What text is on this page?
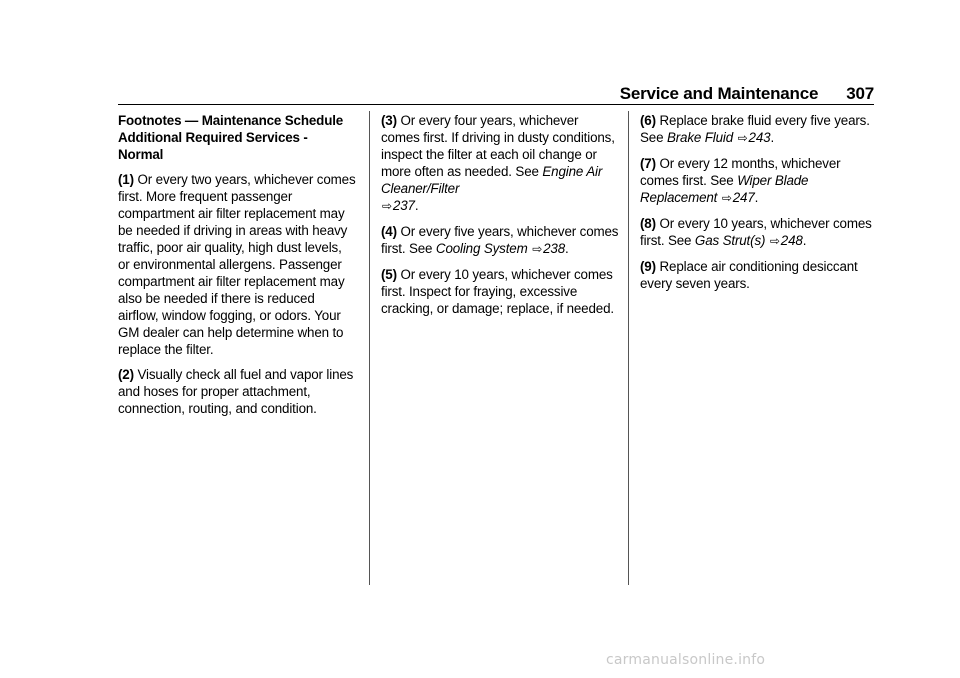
Service and Maintenance 307

Footnotes — Maintenance Schedule
Additional Required Services - Normal

(1) Or every two years, whichever comes first. More frequent passenger compartment air filter replacement may be needed if driving in areas with heavy traffic, poor air quality, high dust levels, or environmental allergens. Passenger compartment air filter replacement may also be needed if there is reduced airflow, window fogging, or odors. Your GM dealer can help determine when to replace the filter.

(2) Visually check all fuel and vapor lines and hoses for proper attachment, connection, routing, and condition.

(3) Or every four years, whichever comes first. If driving in dusty conditions, inspect the filter at each oil change or more often as needed. See Engine Air Cleaner/Filter
⇨237.

(4) Or every five years, whichever comes first. See Cooling System ⇨238.

(5) Or every 10 years, whichever comes first. Inspect for fraying, excessive cracking, or damage; replace, if needed.

(6) Replace brake fluid every five years. See Brake Fluid ⇨243.

(7) Or every 12 months, whichever comes first. See Wiper Blade Replacement ⇨247.

(8) Or every 10 years, whichever comes first. See Gas Strut(s) ⇨248.

(9) Replace air conditioning desiccant every seven years.

carmanualsonline.info
